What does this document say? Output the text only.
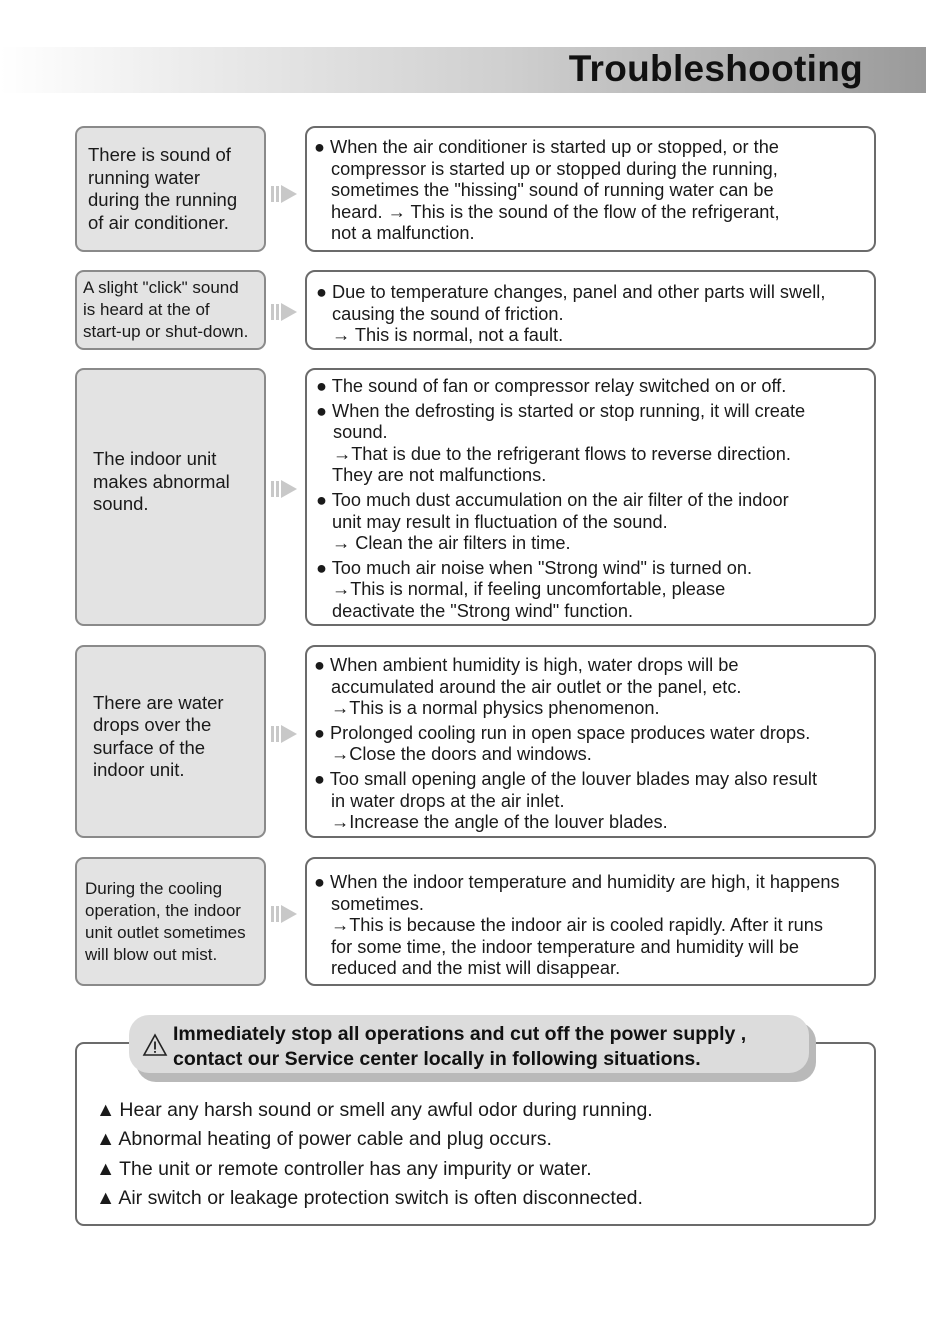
Troubleshooting
There is sound of
running water
during the running
of air conditioner.

● When the air conditioner is started up or stopped, or the

compressor is started up or stopped during the running,

sometimes the "hissing" sound of running water can be

heard. → This is the sound of the flow of the refrigerant,

not a malfunction.

A slight "click" sound
is heard at the of
start-up or shut-down.

● Due to temperature changes, panel and other parts will swell,

causing the sound of friction.

→ This is normal, not a fault.

The indoor unit
makes abnormal
sound.

● The sound of fan or compressor relay switched on or off.

● When the defrosting is started or stop running, it will create

sound.

→That is due to the refrigerant flows to reverse direction.

They are not malfunctions.

● Too much dust accumulation on the air filter of the indoor

unit may result in fluctuation of the sound.

→ Clean the air filters in time.

● Too much air noise when "Strong wind" is turned on.

→This is normal, if feeling uncomfortable, please

deactivate the "Strong wind" function.

There are water
drops over the
surface of the
indoor unit.

● When ambient humidity is high, water drops will be

accumulated around the air outlet or the panel, etc.

→This is a normal physics phenomenon.

● Prolonged cooling run in open space produces water drops.

→Close the doors and windows.

● Too small opening angle of the louver blades may also result

in water drops at the air inlet.

→Increase the angle of the louver blades.

During the cooling
operation, the indoor
unit outlet sometimes
will blow out mist.

● When the indoor temperature and humidity are high, it happens

sometimes.

→This is because the indoor air is cooled rapidly. After it runs

for some time, the indoor temperature and humidity will be

reduced and the mist will disappear.

Immediately stop all operations and cut off the power supply ,
contact our Service center locally in following situations.
▲ Hear any harsh sound or smell any awful odor during running.
▲ Abnormal heating of power cable and plug occurs.
▲ The unit or remote controller has any impurity or water.
▲ Air switch or leakage protection switch is often disconnected.
